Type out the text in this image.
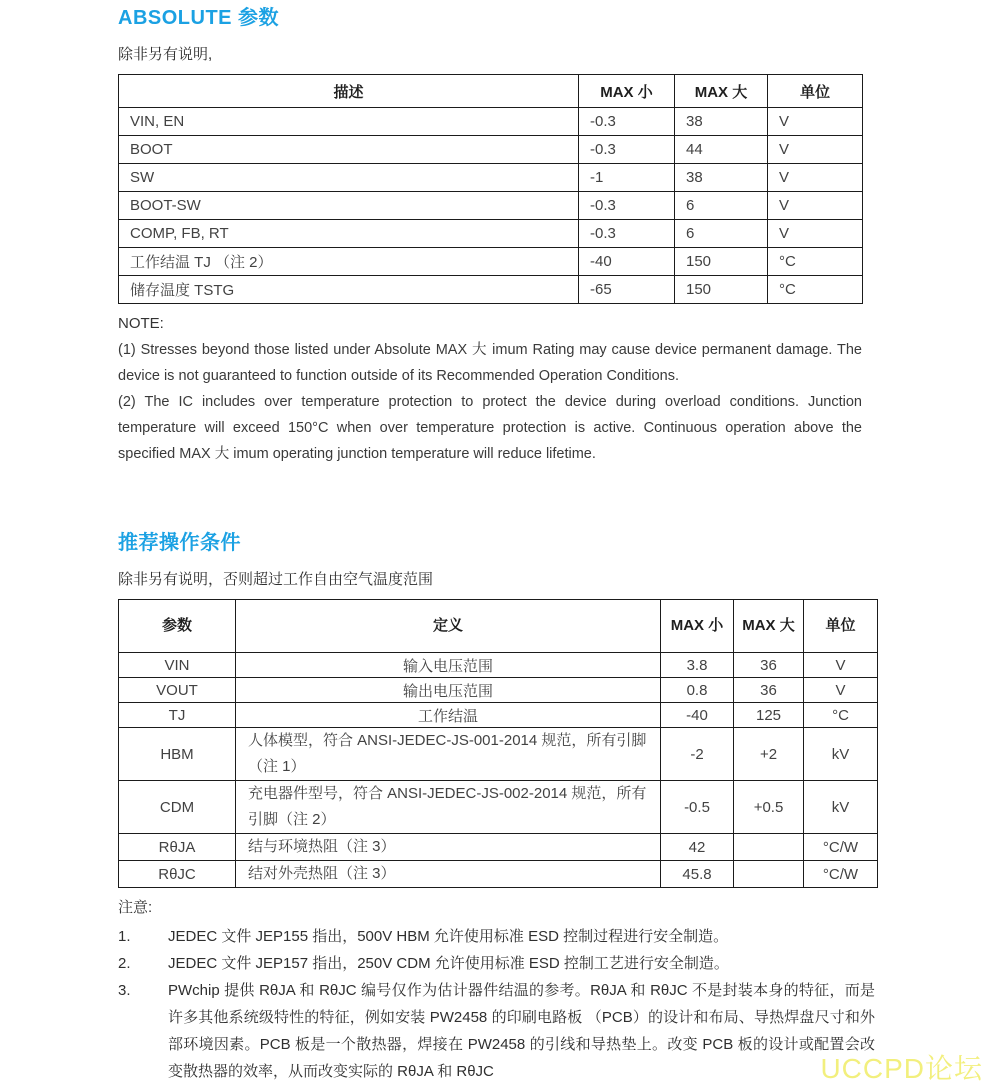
ABSOLUTE 参数

除非另有说明,

描述	MAX 小	MAX 大	单位
VIN, EN	-0.3	38	V
BOOT	-0.3	44	V
SW	-1	38	V
BOOT-SW	-0.3	6	V
COMP, FB, RT	-0.3	6	V
工作结温 TJ （注 2）	-40	150	°C
储存温度 TSTG	-65	150	°C

NOTE:

(1) Stresses beyond those listed under Absolute MAX 大 imum Rating may cause device permanent damage. The device is not guaranteed to function outside of its Recommended Operation Conditions.

(2) The IC includes over temperature protection to protect the device during overload conditions. Junction temperature will exceed 150°C when over temperature protection is active. Continuous operation above the specified MAX 大 imum operating junction temperature will reduce lifetime.

推荐操作条件

除非另有说明，否则超过工作自由空气温度范围

参数	定义	MAX 小	MAX 大	单位
VIN	输入电压范围	3.8	36	V
VOUT	输出电压范围	0.8	36	V
TJ	工作结温	-40	125	°C
HBM	人体模型，符合 ANSI-JEDEC-JS-001-2014 规范，所有引脚（注 1）	-2	+2	kV
CDM	充电器件型号，符合 ANSI-JEDEC-JS-002-2014 规范，所有引脚（注 2）	-0.5	+0.5	kV
RθJA	结与环境热阻（注 3）	42		°C/W
RθJC	结对外壳热阻（注 3）	45.8		°C/W

注意:

1.	JEDEC 文件 JEP155 指出，500V HBM 允许使用标准 ESD 控制过程进行安全制造。
2.	JEDEC 文件 JEP157 指出，250V CDM 允许使用标准 ESD 控制工艺进行安全制造。
3.	PWchip 提供 RθJA 和 RθJC 编号仅作为估计器件结温的参考。RθJA 和 RθJC 不是封装本身的特征，而是许多其他系统级特性的特征，例如安装 PW2458 的印刷电路板 （PCB）的设计和布局、导热焊盘尺寸和外部环境因素。PCB 板是一个散热器，焊接在 PW2458 的引线和导热垫上。改变 PCB 板的设计或配置会改变散热器的效率，从而改变实际的 RθJA 和 RθJC	UCCPD论坛
